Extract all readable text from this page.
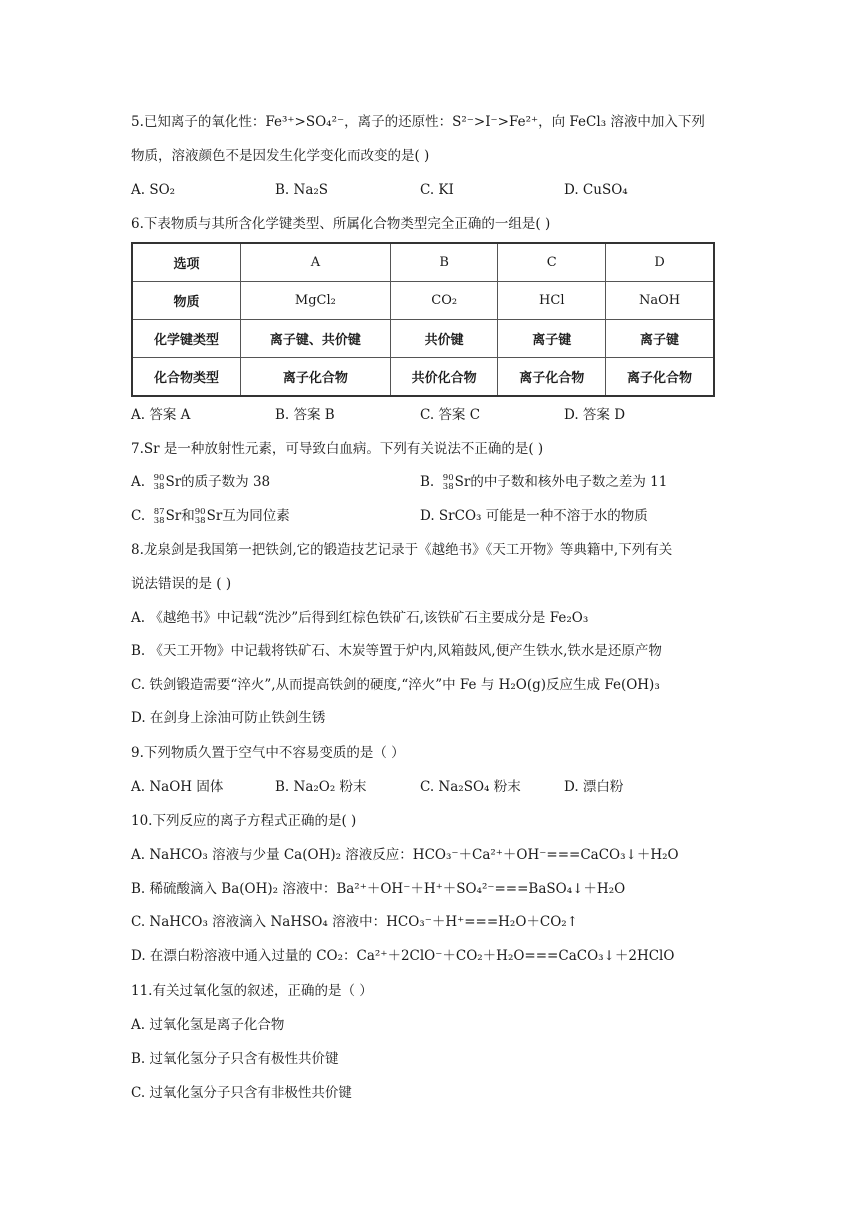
5.已知离子的氧化性：Fe³⁺>SO₄²⁻，离子的还原性：S²⁻>I⁻>Fe²⁺，向 FeCl₃ 溶液中加入下列
物质，溶液颜色不是因发生化学变化而改变的是( )
A. SO₂	B. Na₂S	C. KI	D. CuSO₄
6.下表物质与其所含化学键类型、所属化合物类型完全正确的一组是( )
选项	A	B	C	D
物质	MgCl₂	CO₂	HCl	NaOH
化学键类型	离子键、共价键	共价键	离子键	离子键
化合物类型	离子化合物	共价化合物	离子化合物	离子化合物
A. 答案 A	B. 答案 B	C. 答案 C	D. 答案 D
7.Sr 是一种放射性元素，可导致白血病。下列有关说法不正确的是( )
A. 90
38 Sr的质子数为 38	B. 90
38 Sr的中子数和核外电子数之差为 11
C. 87
38 Sr和 90
38 Sr互为同位素	D. SrCO₃ 可能是一种不溶于水的物质
8.龙泉剑是我国第一把铁剑,它的锻造技艺记录于《越绝书》《天工开物》等典籍中,下列有关
说法错误的是 ( )
A. 《越绝书》中记载“洗沙”后得到红棕色铁矿石,该铁矿石主要成分是 Fe₂O₃
B. 《天工开物》中记载将铁矿石、木炭等置于炉内,风箱鼓风,便产生铁水,铁水是还原产物
C. 铁剑锻造需要“淬火”,从而提高铁剑的硬度,“淬火”中 Fe 与 H₂O(g)反应生成 Fe(OH)₃
D. 在剑身上涂油可防止铁剑生锈
9.下列物质久置于空气中不容易变质的是（ ）
A. NaOH 固体	B. Na₂O₂ 粉末	C. Na₂SO₄ 粉末	D. 漂白粉
10.下列反应的离子方程式正确的是( )
A. NaHCO₃ 溶液与少量 Ca(OH)₂ 溶液反应：HCO₃⁻＋Ca²⁺＋OH⁻===CaCO₃↓＋H₂O
B. 稀硫酸滴入 Ba(OH)₂ 溶液中：Ba²⁺＋OH⁻＋H⁺＋SO₄²⁻===BaSO₄↓＋H₂O
C. NaHCO₃ 溶液滴入 NaHSO₄ 溶液中：HCO₃⁻＋H⁺===H₂O＋CO₂↑
D. 在漂白粉溶液中通入过量的 CO₂：Ca²⁺＋2ClO⁻＋CO₂＋H₂O===CaCO₃↓＋2HClO
11.有关过氧化氢的叙述，正确的是（ ）
A. 过氧化氢是离子化合物
B. 过氧化氢分子只含有极性共价键
C. 过氧化氢分子只含有非极性共价键
